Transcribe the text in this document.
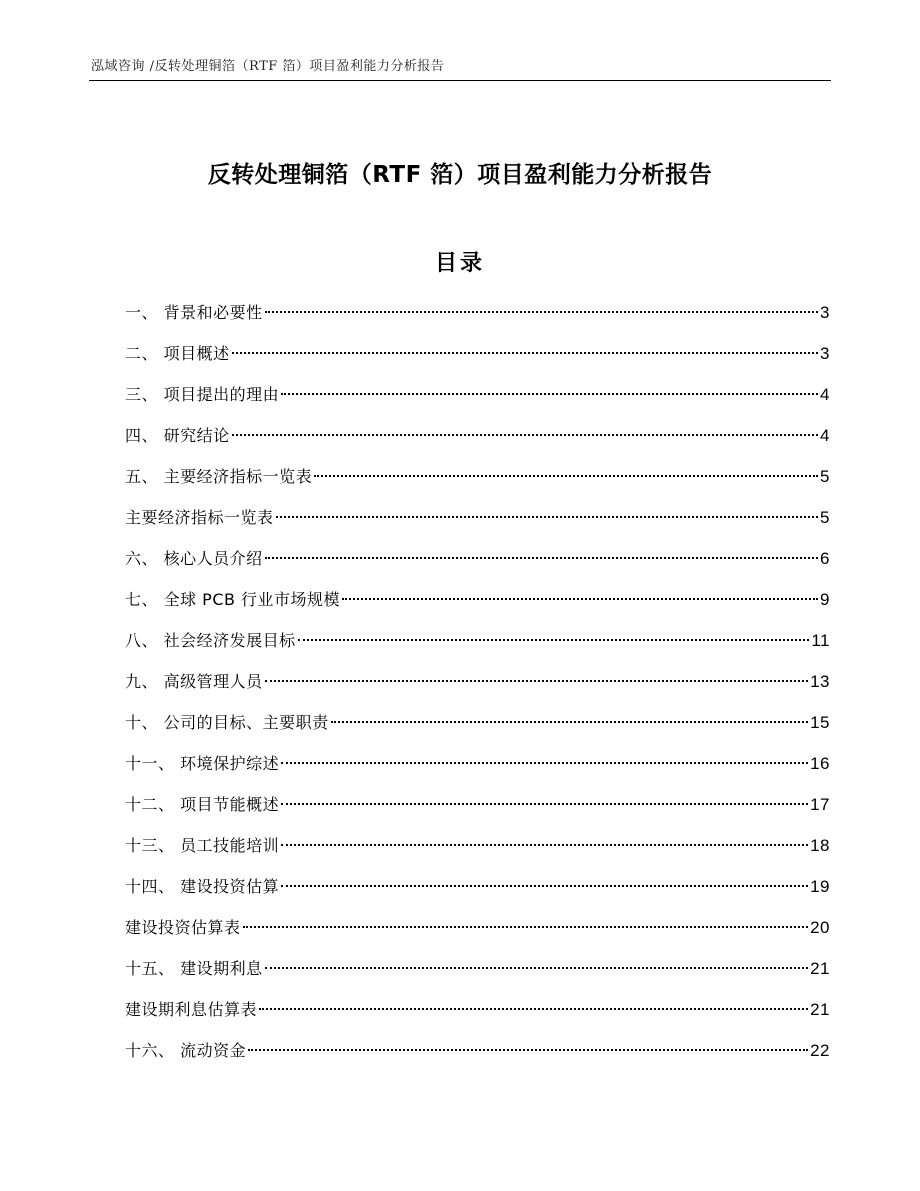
泓域咨询 /反转处理铜箔（RTF 箔）项目盈利能力分析报告
反转处理铜箔（RTF 箔）项目盈利能力分析报告
目录
一、 背景和必要性	3
二、 项目概述	3
三、 项目提出的理由	4
四、 研究结论	4
五、 主要经济指标一览表	5
主要经济指标一览表	5
六、 核心人员介绍	6
七、 全球 PCB 行业市场规模	9
八、 社会经济发展目标	11
九、 高级管理人员	13
十、 公司的目标、主要职责	15
十一、 环境保护综述	16
十二、 项目节能概述	17
十三、 员工技能培训	18
十四、 建设投资估算	19
建设投资估算表	20
十五、 建设期利息	21
建设期利息估算表	21
十六、 流动资金	22
